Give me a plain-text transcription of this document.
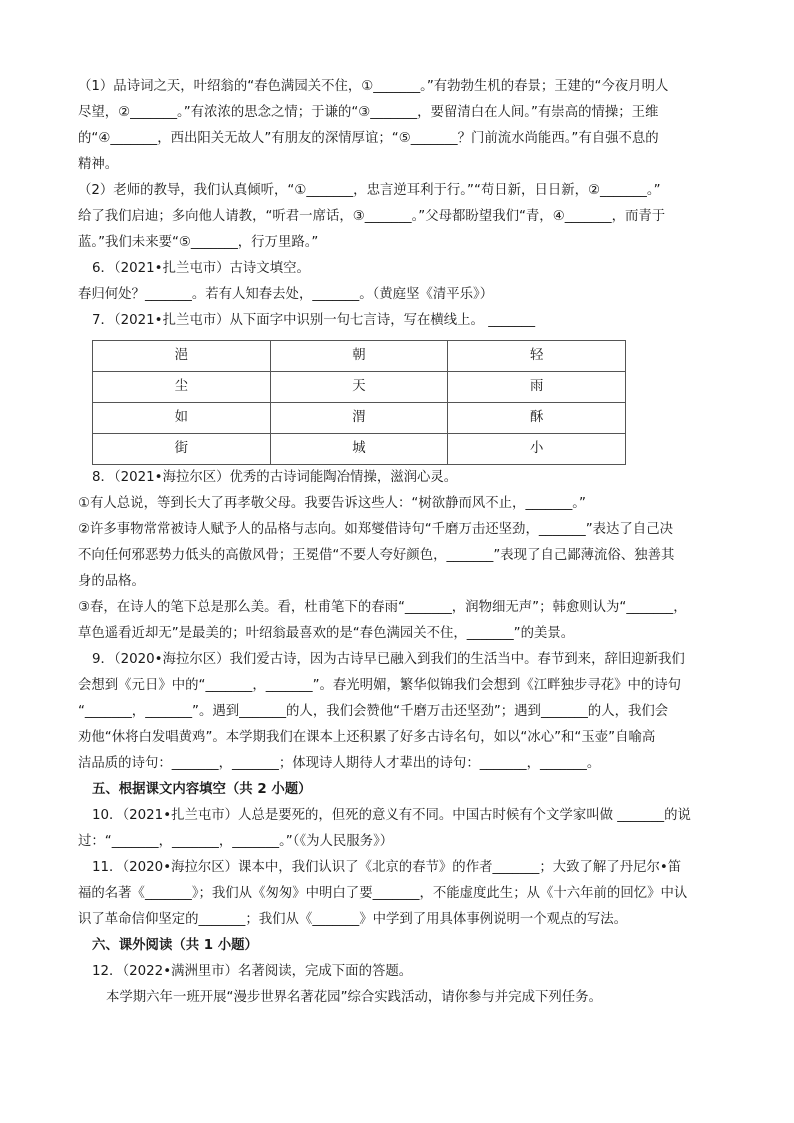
（1）品诗词之天，叶绍翁的“春色满园关不住，①_______。”有勃勃生机的春景；王建的“今夜月明人

尽望，②_______。”有浓浓的思念之情；于谦的“③_______，要留清白在人间。”有崇高的情操；王维

的“④_______，西出阳关无故人”有朋友的深情厚谊；“⑤_______？门前流水尚能西。”有自强不息的

精神。

（2）老师的教导，我们认真倾听，“①_______，忠言逆耳利于行。”“苟日新，日日新，②_______。”

给了我们启迪；多向他人请教，“听君一席话，③_______。”父母都盼望我们“青，④_______，而青于

蓝。”我们未来要“⑤_______，行万里路。”

6．（2021•扎兰屯市）古诗文填空。

春归何处？_______。若有人知春去处，_______。（黄庭坚《清平乐》）

7．（2021•扎兰屯市）从下面字中识别一句七言诗，写在横线上。 _______

浥	朝	轻
尘	天	雨
如	渭	酥
街	城	小

8．（2021•海拉尔区）优秀的古诗词能陶冶情操，滋润心灵。

①有人总说，等到长大了再孝敬父母。我要告诉这些人：“树欲静而风不止，_______。”

②许多事物常常被诗人赋予人的品格与志向。如郑燮借诗句“千磨万击还坚劲，_______”表达了自己决

不向任何邪恶势力低头的高傲风骨；王冕借“不要人夸好颜色，_______”表现了自己鄙薄流俗、独善其

身的品格。

③春，在诗人的笔下总是那么美。看，杜甫笔下的春雨“_______，润物细无声”；韩愈则认为“_______，

草色遥看近却无”是最美的；叶绍翁最喜欢的是“春色满园关不住，_______”的美景。

9．（2020•海拉尔区）我们爱古诗，因为古诗早已融入到我们的生活当中。春节到来，辞旧迎新我们

会想到《元日》中的“_______，_______”。春光明媚，繁华似锦我们会想到《江畔独步寻花》中的诗句

“_______，_______”。遇到_______的人，我们会赞他“千磨万击还坚劲”；遇到_______的人，我们会

劝他“休将白发唱黄鸡”。本学期我们在课本上还积累了好多古诗名句，如以“冰心”和“玉壶”自喻高

洁品质的诗句：_______，_______；体现诗人期待人才辈出的诗句：_______，_______。

五、根据课文内容填空（共 2 小题）

10．（2021•扎兰屯市）人总是要死的，但死的意义有不同。中国古时候有个文学家叫做 _______的说

过：“_______，_______，_______。”（《为人民服务》）

11．（2020•海拉尔区）课本中，我们认识了《北京的春节》的作者_______；大致了解了丹尼尔•笛

福的名著《_______》；我们从《匆匆》中明白了要_______，不能虚度此生；从《十六年前的回忆》中认

识了革命信仰坚定的_______；我们从《_______》中学到了用具体事例说明一个观点的写法。

六、课外阅读（共 1 小题）

12．（2022•满洲里市）名著阅读，完成下面的答题。

本学期六年一班开展“漫步世界名著花园”综合实践活动，请你参与并完成下列任务。
